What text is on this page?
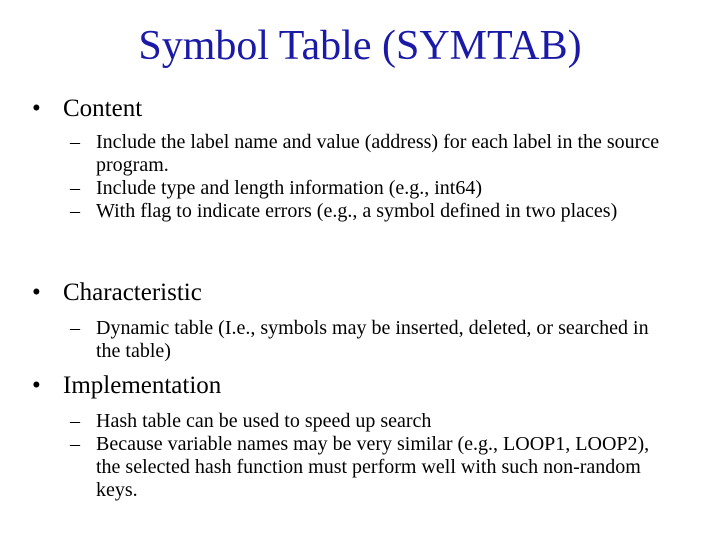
Symbol Table (SYMTAB)
• Content
– Include the label name and value (address) for each label in the source program.
– Include type and length information (e.g., int64)
– With flag to indicate errors (e.g., a symbol defined in two places)
• Characteristic
– Dynamic table (I.e., symbols may be inserted, deleted, or searched in the table)
• Implementation
– Hash table can be used to speed up search
– Because variable names may be very similar (e.g., LOOP1, LOOP2), the selected hash function must perform well with such non-random keys.
